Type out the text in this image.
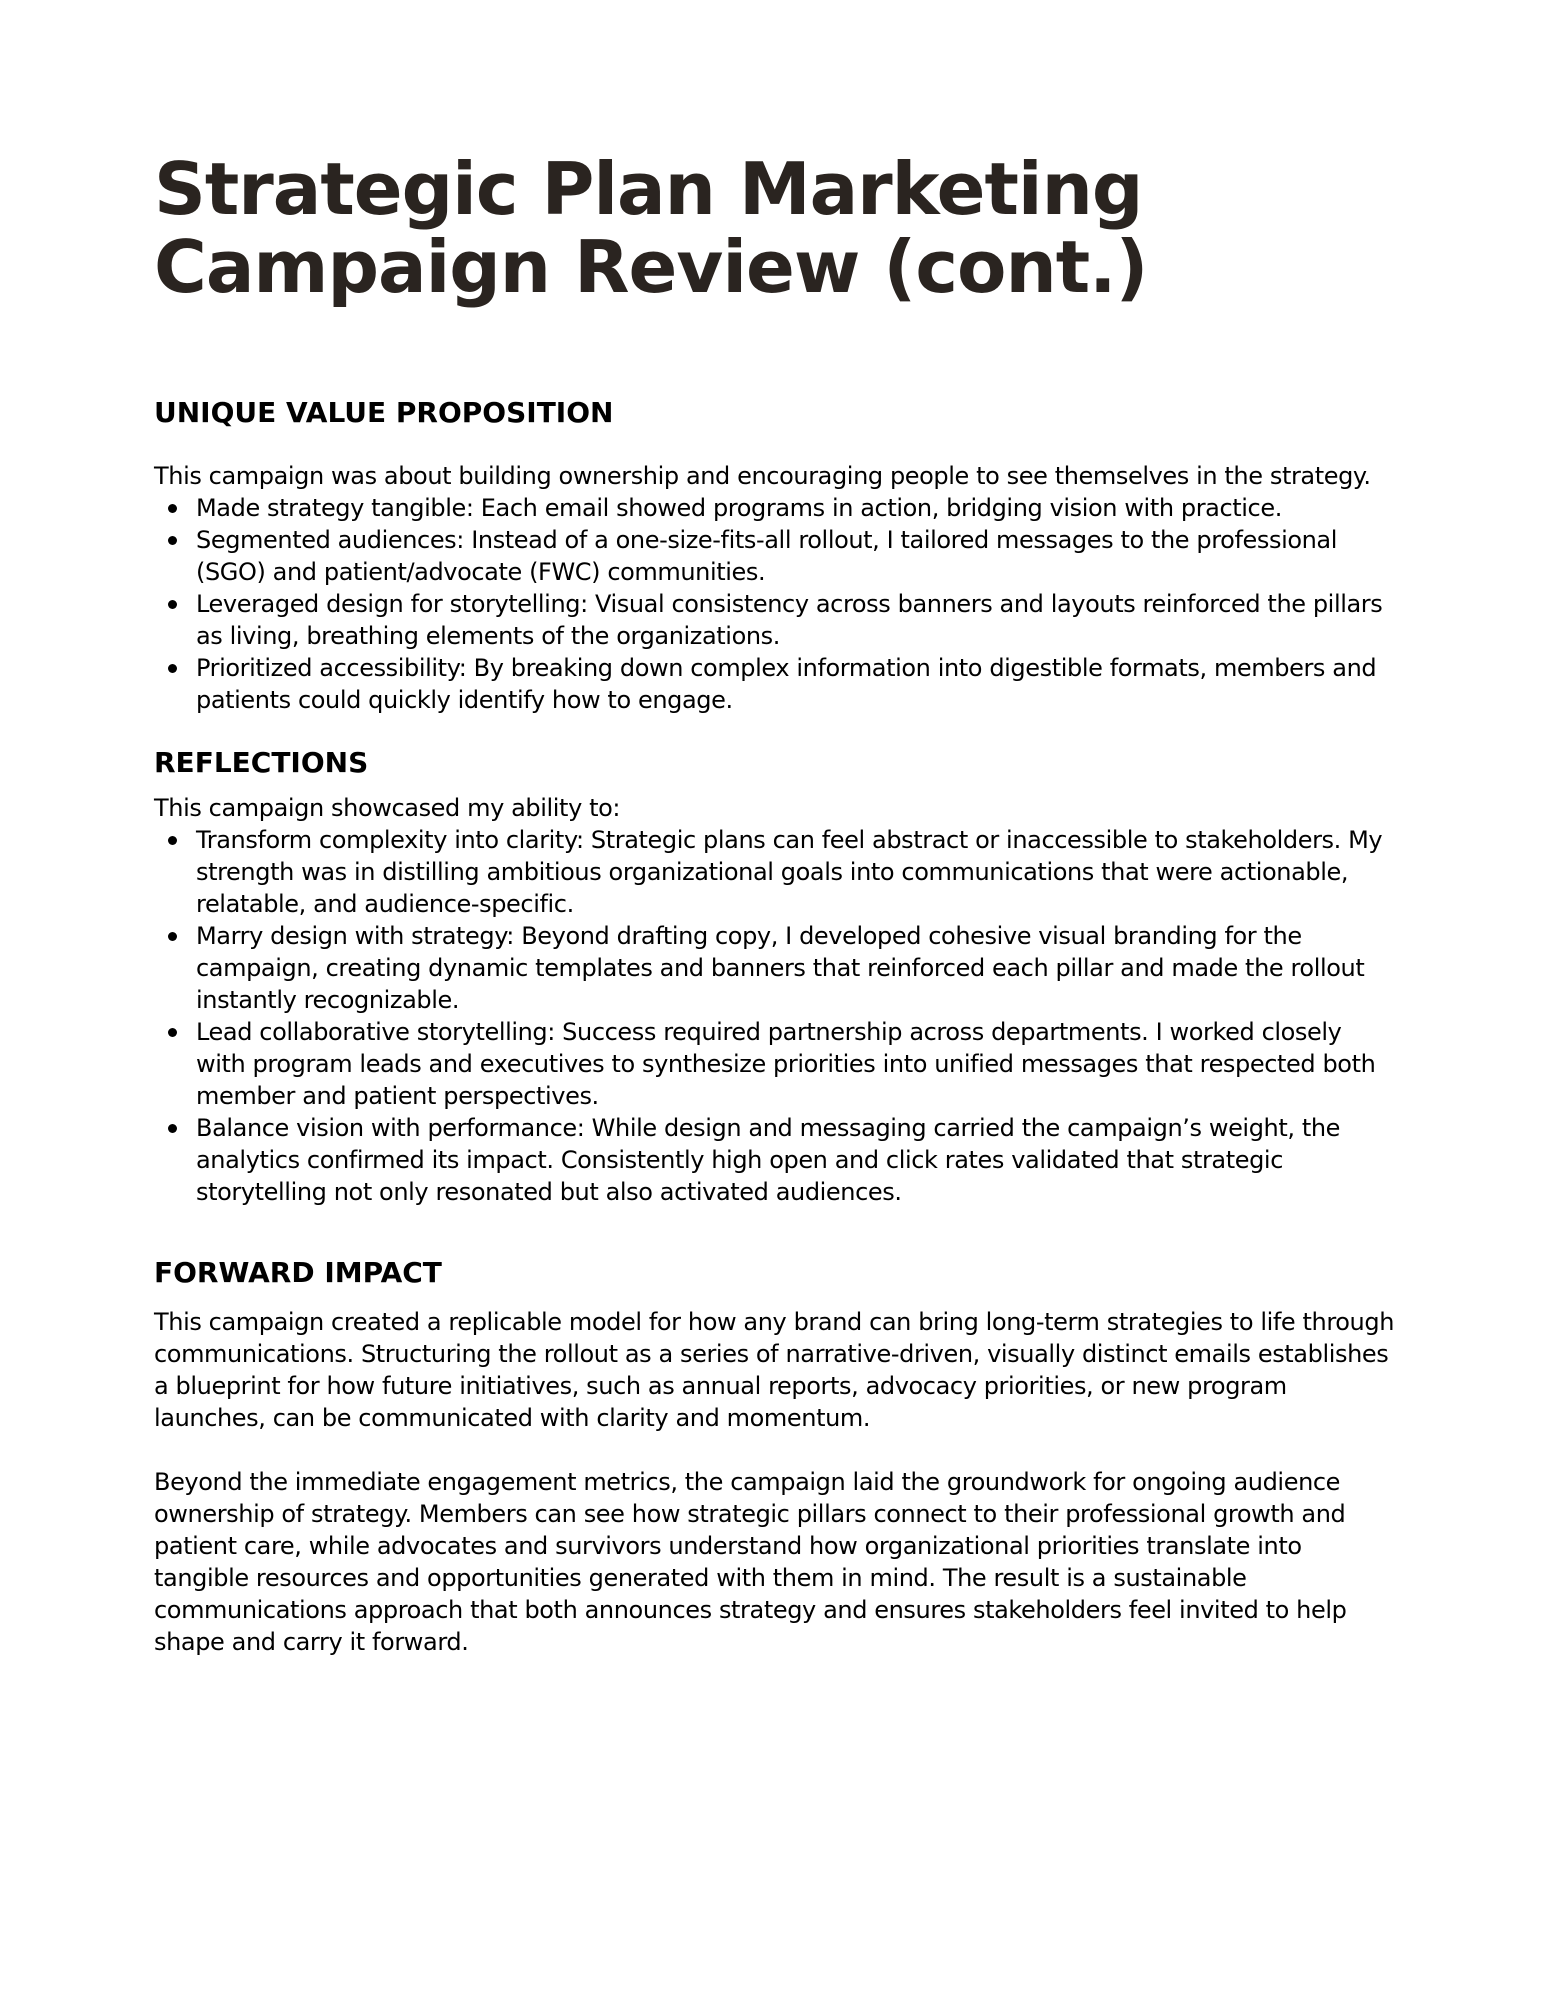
Strategic Plan Marketing Campaign Review (cont.)
UNIQUE VALUE PROPOSITION

This campaign was about building ownership and encouraging people to see themselves in the strategy.

Made strategy tangible: Each email showed programs in action, bridging vision with practice.
Segmented audiences: Instead of a one-size-fits-all rollout, I tailored messages to the professional (SGO) and patient/advocate (FWC) communities.
Leveraged design for storytelling: Visual consistency across banners and layouts reinforced the pillars as living, breathing elements of the organizations.
Prioritized accessibility: By breaking down complex information into digestible formats, members and patients could quickly identify how to engage.
REFLECTIONS

This campaign showcased my ability to:

Transform complexity into clarity: Strategic plans can feel abstract or inaccessible to stakeholders. My strength was in distilling ambitious organizational goals into communications that were actionable, relatable, and audience-specific.
Marry design with strategy: Beyond drafting copy, I developed cohesive visual branding for the campaign, creating dynamic templates and banners that reinforced each pillar and made the rollout instantly recognizable.
Lead collaborative storytelling: Success required partnership across departments. I worked closely with program leads and executives to synthesize priorities into unified messages that respected both member and patient perspectives.
Balance vision with performance: While design and messaging carried the campaign’s weight, the analytics confirmed its impact. Consistently high open and click rates validated that strategic storytelling not only resonated but also activated audiences.
FORWARD IMPACT

This campaign created a replicable model for how any brand can bring long-term strategies to life through communications. Structuring the rollout as a series of narrative-driven, visually distinct emails establishes a blueprint for how future initiatives, such as annual reports, advocacy priorities, or new program launches, can be communicated with clarity and momentum.

Beyond the immediate engagement metrics, the campaign laid the groundwork for ongoing audience ownership of strategy. Members can see how strategic pillars connect to their professional growth and patient care, while advocates and survivors understand how organizational priorities translate into tangible resources and opportunities generated with them in mind. The result is a sustainable communications approach that both announces strategy and ensures stakeholders feel invited to help shape and carry it forward.
